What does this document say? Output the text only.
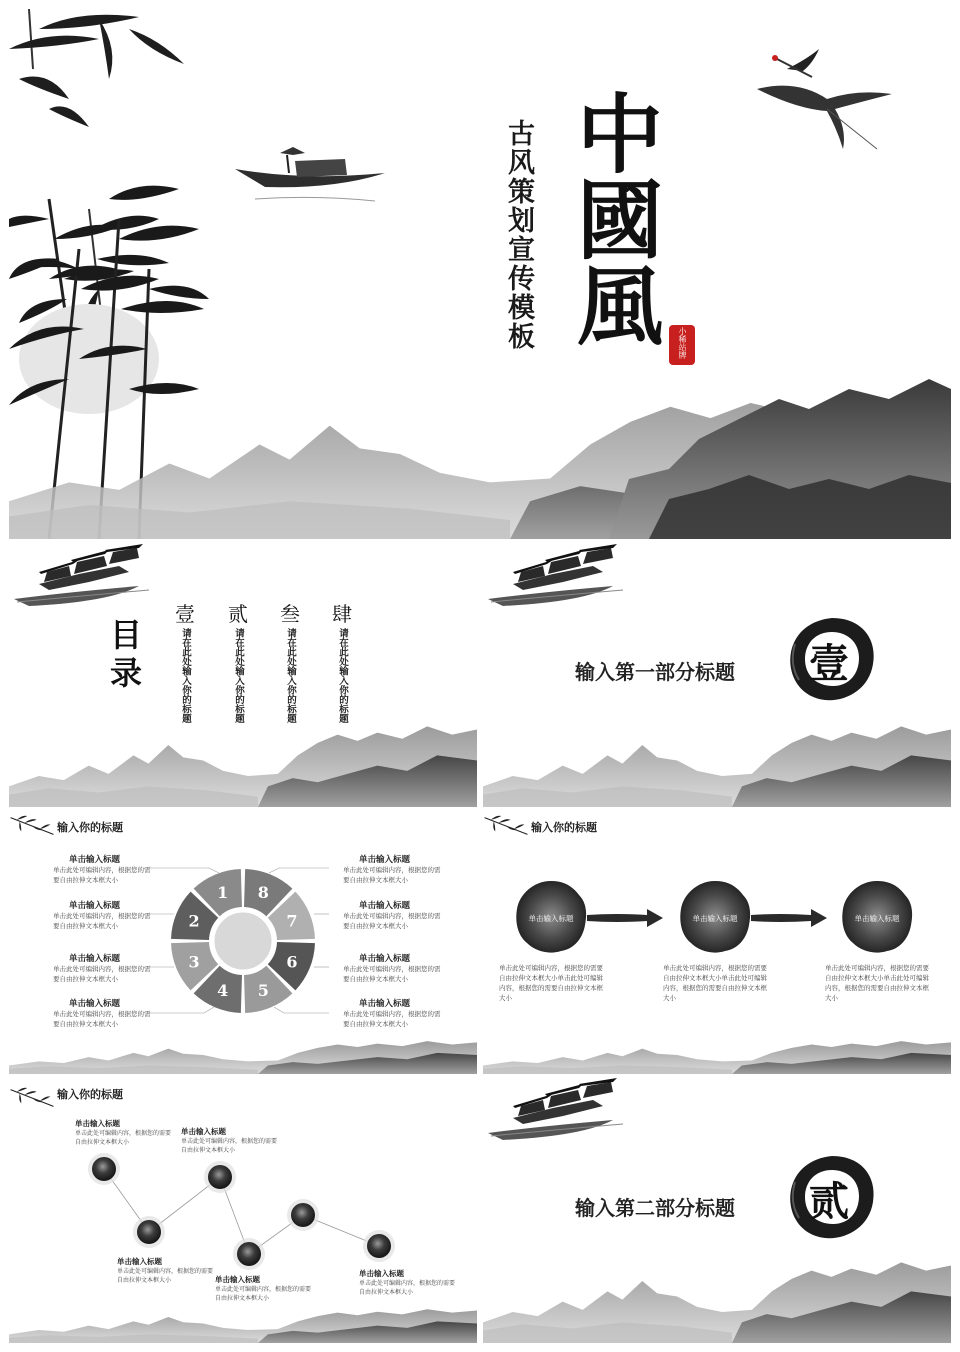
古风策划宣传模板 中國風 小稀站牌
目录
壹
请在此处输入你的标题
贰
请在此处输入你的标题
叁
请在此处输入你的标题
肆
请在此处输入你的标题	输入第一部分标题 壹
输入你的标题
1 8
7
6
5
4
3
2
单击输入标题
单击此处可编辑内容，根据您的需要自由拉伸文本框大小
单击输入标题
单击此处可编辑内容，根据您的需要自由拉伸文本框大小
单击输入标题
单击此处可编辑内容，根据您的需要自由拉伸文本框大小
单击输入标题
单击此处可编辑内容，根据您的需要自由拉伸文本框大小
单击输入标题
单击此处可编辑内容，根据您的需要自由拉伸文本框大小
单击输入标题
单击此处可编辑内容，根据您的需要自由拉伸文本框大小
单击输入标题
单击此处可编辑内容，根据您的需要自由拉伸文本框大小
单击输入标题
单击此处可编辑内容，根据您的需要自由拉伸文本框大小
输入你的标题
单击输入标题
单击此处可编辑内容，根据您的需要自由拉伸文本框大小单击此处可编辑内容，根据您的需要自由拉伸文本框大小
单击输入标题
单击此处可编辑内容，根据您的需要自由拉伸文本框大小单击此处可编辑内容，根据您的需要自由拉伸文本框大小
单击输入标题
单击此处可编辑内容，根据您的需要自由拉伸文本框大小单击此处可编辑内容，根据您的需要自由拉伸文本框大小
输入你的标题
单击输入标题
单击此处可编辑内容，根据您的需要自由拉伸文本框大小
单击输入标题
单击此处可编辑内容，根据您的需要自由拉伸文本框大小
单击输入标题
单击此处可编辑内容，根据您的需要自由拉伸文本框大小	单击输入标题
单击此处可编辑内容，根据您的需要自由拉伸文本框大小
单击输入标题
单击此处可编辑内容，根据您的需要自由拉伸文本框大小
输入第二部分标题 贰
